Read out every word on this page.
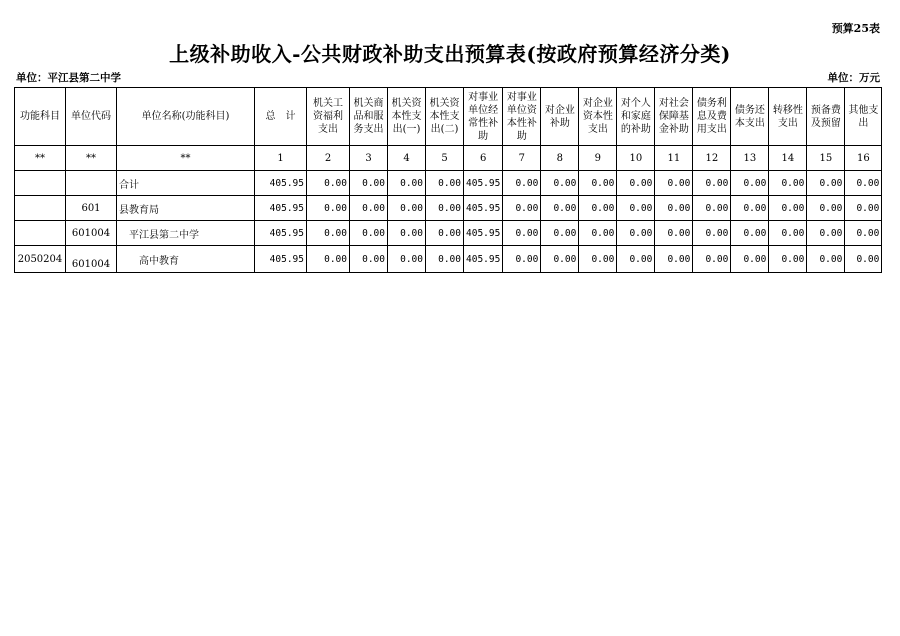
预算25表
上级补助收入-公共财政补助支出预算表(按政府预算经济分类)
单位：平江县第二中学	单位：万元
功能科目	单位代码	单位名称(功能科目)	总　计	机关工资福利支出	机关商品和服务支出	机关资本性支出(一)	机关资本性支出(二)	对事业单位经常性补助	对事业单位资本性补助	对企业补助	对企业资本性支出	对个人和家庭的补助	对社会保障基金补助	债务利息及费用支出	债务还本支出	转移性支出	预备费及预留	其他支出
**	**	**	1	2	3	4	5	6	7	8	9	10	11	12	13	14	15	16
		合计	405.95	0.00	0.00	0.00	0.00	405.95	0.00	0.00	0.00	0.00	0.00	0.00	0.00	0.00	0.00	0.00
	601	县教育局	405.95	0.00	0.00	0.00	0.00	405.95	0.00	0.00	0.00	0.00	0.00	0.00	0.00	0.00	0.00	0.00
	601004	　平江县第二中学	405.95	0.00	0.00	0.00	0.00	405.95	0.00	0.00	0.00	0.00	0.00	0.00	0.00	0.00	0.00	0.00
2050204	601004	　　高中教育	405.95	0.00	0.00	0.00	0.00	405.95	0.00	0.00	0.00	0.00	0.00	0.00	0.00	0.00	0.00	0.00
